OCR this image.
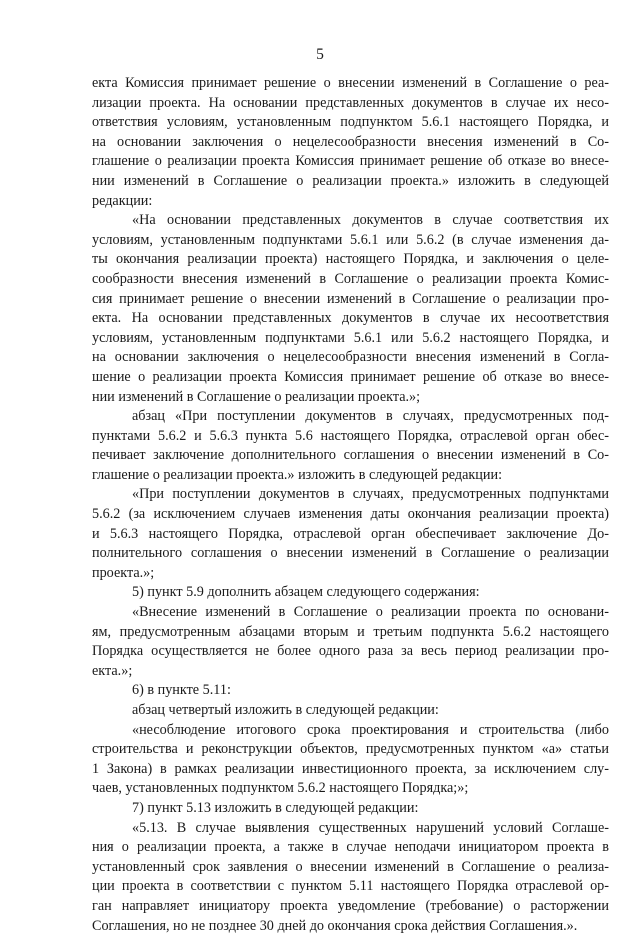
5
екта Комиссия принимает решение о внесении изменений в Соглашение о реа-
лизации проекта. На основании представленных документов в случае их несо-
ответствия условиям, установленным подпунктом 5.6.1 настоящего Порядка, и
на основании заключения о нецелесообразности внесения изменений в Со-
глашение о реализации проекта Комиссия принимает решение об отказе во внесе-
нии изменений в Соглашение о реализации проекта.» изложить в следующей
редакции:
«На основании представленных документов в случае соответствия их
условиям, установленным подпунктами 5.6.1 или 5.6.2 (в случае изменения да-
ты окончания реализации проекта) настоящего Порядка, и заключения о целе-
сообразности внесения изменений в Соглашение о реализации проекта Комис-
сия принимает решение о внесении изменений в Соглашение о реализации про-
екта. На основании представленных документов в случае их несоответствия
условиям, установленным подпунктами 5.6.1 или 5.6.2 настоящего Порядка, и
на основании заключения о нецелесообразности внесения изменений в Согла-
шение о реализации проекта Комиссия принимает решение об отказе во внесе-
нии изменений в Соглашение о реализации проекта.»;
абзац «При поступлении документов в случаях, предусмотренных под-
пунктами 5.6.2 и 5.6.3 пункта 5.6 настоящего Порядка, отраслевой орган обес-
печивает заключение дополнительного соглашения о внесении изменений в Со-
глашение о реализации проекта.» изложить в следующей редакции:
«При поступлении документов в случаях, предусмотренных подпунктами
5.6.2 (за исключением случаев изменения даты окончания реализации проекта)
и 5.6.3 настоящего Порядка, отраслевой орган обеспечивает заключение До-
полнительного соглашения о внесении изменений в Соглашение о реализации
проекта.»;
5) пункт 5.9 дополнить абзацем следующего содержания:
«Внесение изменений в Соглашение о реализации проекта по основани-
ям, предусмотренным абзацами вторым и третьим подпункта 5.6.2 настоящего
Порядка осуществляется не более одного раза за весь период реализации про-
екта.»;
6) в пункте 5.11:
абзац четвертый изложить в следующей редакции:
«несоблюдение итогового срока проектирования и строительства (либо
строительства и реконструкции объектов, предусмотренных пунктом «а» статьи
1 Закона) в рамках реализации инвестиционного проекта, за исключением слу-
чаев, установленных подпунктом 5.6.2 настоящего Порядка;»;
7) пункт 5.13 изложить в следующей редакции:
«5.13. В случае выявления существенных нарушений условий Соглаше-
ния о реализации проекта, а также в случае неподачи инициатором проекта в
установленный срок заявления о внесении изменений в Соглашение о реализа-
ции проекта в соответствии с пунктом 5.11 настоящего Порядка отраслевой ор-
ган направляет инициатору проекта уведомление (требование) о расторжении
Соглашения, но не позднее 30 дней до окончания срока действия Соглашения.».
